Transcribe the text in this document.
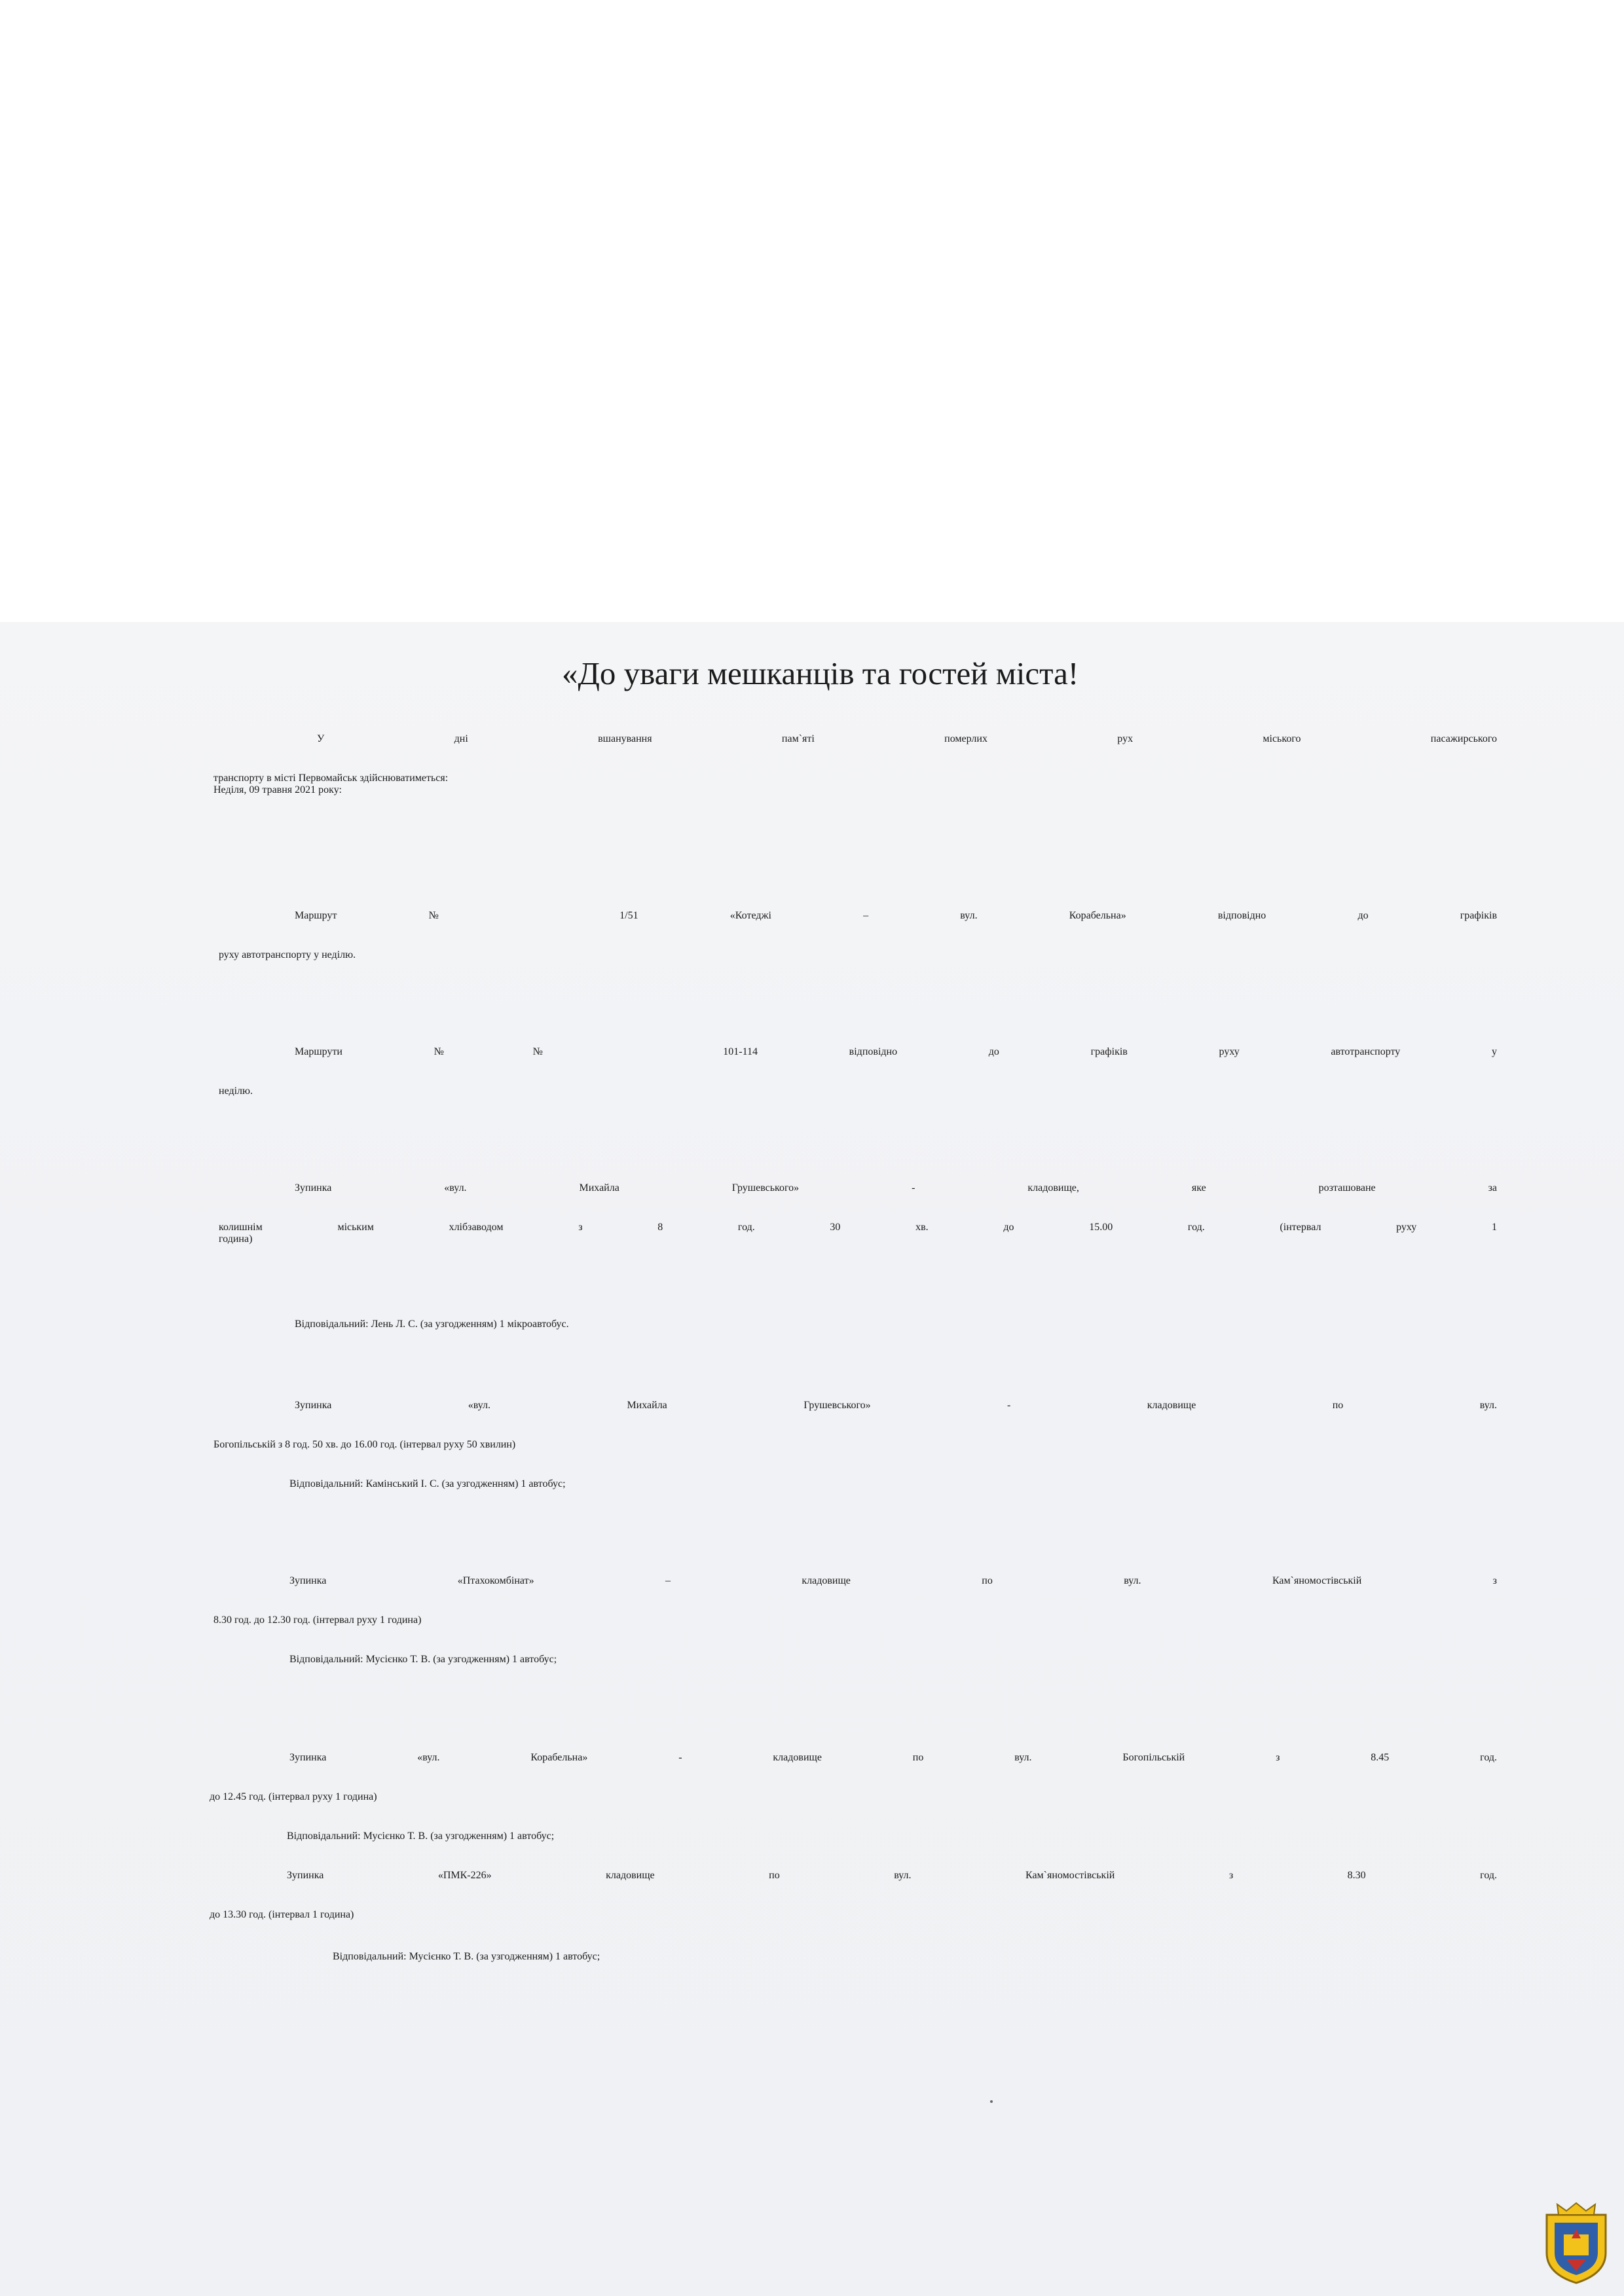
«До уваги мешканців та гостей міста!
У дні вшанування пам`яті померлих рух міського пасажирського
транспорту в місті Первомайськ здійснюватиметься:
Неділя, 09 травня 2021 року:
Маршрут № 1/51 «Котеджі – вул. Корабельна» відповідно до графіків
руху автотранспорту у неділю.
Маршрути №№ 101-114 відповідно до графіків руху автотранспорту у
неділю.
Зупинка «вул. Михайла Грушевського» - кладовище, яке розташоване за
колишнім міським хлібзаводом з 8 год. 30 хв. до 15.00 год. (інтервал руху 1
година)
Відповідальний: Лень Л. С. (за узгодженням) 1 мікроавтобус.
Зупинка «вул. Михайла Грушевського» - кладовище по вул.
Богопільській з 8 год. 50 хв. до 16.00 год. (інтервал руху 50 хвилин)
Відповідальний: Камінський І. С. (за узгодженням) 1 автобус;
Зупинка «Птахокомбінат» – кладовище по вул. Кам`яномостівській з
8.30 год. до 12.30 год. (інтервал руху 1 година)
Відповідальний: Мусієнко Т. В. (за узгодженням) 1 автобус;
Зупинка «вул. Корабельна» - кладовище по вул. Богопільській з 8.45 год.
до 12.45 год. (інтервал руху 1 година)
Відповідальний: Мусієнко Т. В. (за узгодженням) 1 автобус;
Зупинка «ПМК-226» кладовище по вул. Кам`яномостівській з 8.30 год.
до 13.30 год. (інтервал 1 година)
Відповідальний: Мусієнко Т. В. (за узгодженням) 1 автобус;
